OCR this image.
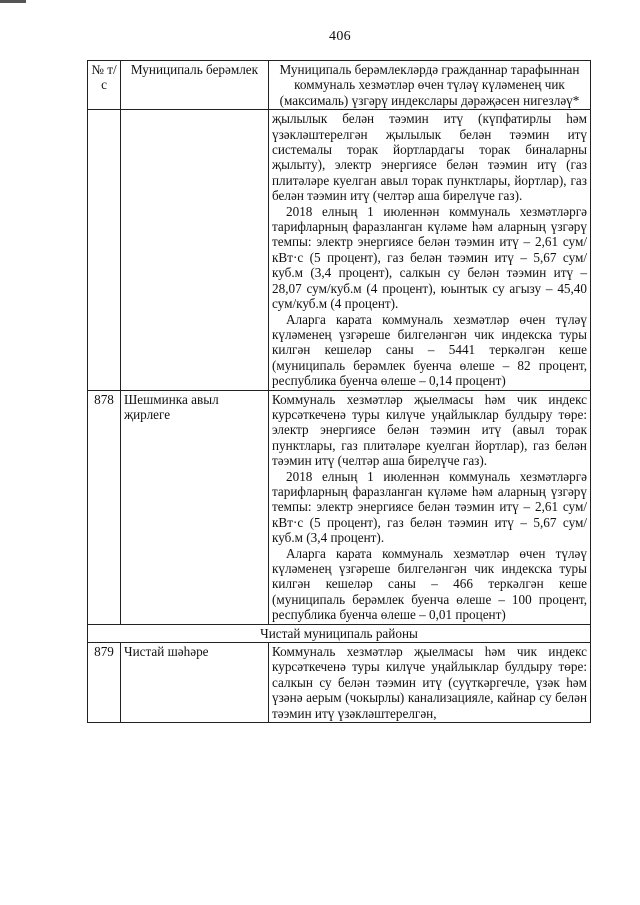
406
№ т/с	Муниципаль берәмлек	Муниципаль берәмлекләрдә гражданнар тарафыннан коммуналь хезмәтләр өчен түләү күләменең чик (максималь) үзгәрү индекслары дәрәҗәсен нигезләү*

		җылылык белән тәэмин итү (күпфатирлы һәм үзәкләштерелгән җылылык белән тәэмин итү системалы торак йортлардагы торак биналарны җылыту), электр энергиясе белән тәэмин итү (газ плитәләре куелган авыл торак пунктлары, йортлар), газ белән тәэмин итү (челтәр аша бирелүче газ).

2018 елның 1 июленнән коммуналь хезмәтләргә тарифларның фаразланган күләме һәм аларның үзгәрү темпы: электр энергиясе белән тәэмин итү – 2,61 сум/кВт·с (5 процент), газ белән тәэмин итү – 5,67 сум/куб.м (3,4 процент), салкын су белән тәэмин итү – 28,07 сум/куб.м (4 процент), юынтык су агызу – 45,40 сум/куб.м (4 процент).

Аларга карата коммуналь хезмәтләр өчен түләү күләменең үзгәреше билгеләнгән чик индекска туры килгән кешеләр саны – 5441 теркәлгән кеше (муниципаль берәмлек буенча өлеше – 82 процент, республика буенча өлеше – 0,14 процент)

878	Шешминка авыл җирлеге	Коммуналь хезмәтләр җыелмасы һәм чик индекс курсәткеченә туры килүче уңайлыклар булдыру төре: электр энергиясе белән тәэмин итү (авыл торак пунктлары, газ плитәләре куелган йортлар), газ белән тәэмин итү (челтәр аша бирелүче газ).

2018 елның 1 июленнән коммуналь хезмәтләргә тарифларның фаразланган күләме һәм аларның үзгәрү темпы: электр энергиясе белән тәэмин итү – 2,61 сум/кВт·с (5 процент), газ белән тәэмин итү – 5,67 сум/куб.м (3,4 процент).

Аларга карата коммуналь хезмәтләр өчен түләү күләменең үзгәреше билгеләнгән чик индекска туры килгән кешеләр саны – 466 теркәлгән кеше (муниципаль берәмлек буенча өлеше – 100 процент, республика буенча өлеше – 0,01 процент)

Чистай муниципаль районы		
879	Чистай шәһәре	Коммуналь хезмәтләр җыелмасы һәм чик индекс курсәткеченә туры килүче уңайлыклар булдыру төре: салкын су белән тәэмин итү (суүткәргечле, үзәк һәм үзәнә аерым (чокырлы) канализацияле, кайнар су белән тәэмин итү үзәкләштерелгән,
